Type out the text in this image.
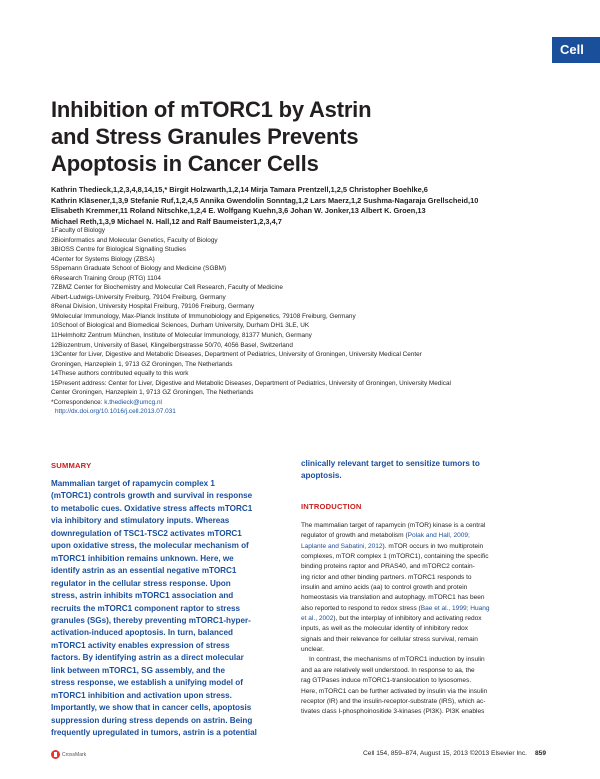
Cell
Inhibition of mTORC1 by Astrin
and Stress Granules Prevents
Apoptosis in Cancer Cells
Kathrin Thedieck,1,2,3,4,8,14,15,* Birgit Holzwarth,1,2,14 Mirja Tamara Prentzell,1,2,5 Christopher Boehlke,6
Kathrin Kläsener,1,3,9 Stefanie Ruf,1,2,4,5 Annika Gwendolin Sonntag,1,2 Lars Maerz,1,2 Sushma-Nagaraja Grellscheid,10
Elisabeth Kremmer,11 Roland Nitschke,1,2,4 E. Wolfgang Kuehn,3,6 Johan W. Jonker,13 Albert K. Groen,13
Michael Reth,1,3,9 Michael N. Hall,12 and Ralf Baumeister1,2,3,4,7
1Faculty of Biology
2Bioinformatics and Molecular Genetics, Faculty of Biology
3BIOSS Centre for Biological Signalling Studies
4Center for Systems Biology (ZBSA)
5Spemann Graduate School of Biology and Medicine (SGBM)
6Research Training Group (RTG) 1104
7ZBMZ Center for Biochemistry and Molecular Cell Research, Faculty of Medicine
Albert-Ludwigs-University Freiburg, 79104 Freiburg, Germany
8Renal Division, University Hospital Freiburg, 79106 Freiburg, Germany
9Molecular Immunology, Max-Planck Institute of Immunobiology and Epigenetics, 79108 Freiburg, Germany
10School of Biological and Biomedical Sciences, Durham University, Durham DH1 3LE, UK
11Helmholtz Zentrum München, Institute of Molecular Immunology, 81377 Munich, Germany
12Biozentrum, University of Basel, Klingelbergstrasse 50/70, 4056 Basel, Switzerland
13Center for Liver, Digestive and Metabolic Diseases, Department of Pediatrics, University of Groningen, University Medical Center
Groningen, Hanzeplein 1, 9713 GZ Groningen, The Netherlands
14These authors contributed equally to this work
15Present address: Center for Liver, Digestive and Metabolic Diseases, Department of Pediatrics, University of Groningen, University Medical
Center Groningen, Hanzeplein 1, 9713 GZ Groningen, The Netherlands
*Correspondence: k.thedieck@umcg.nl
http://dx.doi.org/10.1016/j.cell.2013.07.031
SUMMARY
Mammalian target of rapamycin complex 1
(mTORC1) controls growth and survival in response
to metabolic cues. Oxidative stress affects mTORC1
via inhibitory and stimulatory inputs. Whereas
downregulation of TSC1-TSC2 activates mTORC1
upon oxidative stress, the molecular mechanism of
mTORC1 inhibition remains unknown. Here, we
identify astrin as an essential negative mTORC1
regulator in the cellular stress response. Upon
stress, astrin inhibits mTORC1 association and
recruits the mTORC1 component raptor to stress
granules (SGs), thereby preventing mTORC1-hyper-
activation-induced apoptosis. In turn, balanced
mTORC1 activity enables expression of stress
factors. By identifying astrin as a direct molecular
link between mTORC1, SG assembly, and the
stress response, we establish a unifying model of
mTORC1 inhibition and activation upon stress.
Importantly, we show that in cancer cells, apoptosis
suppression during stress depends on astrin. Being
frequently upregulated in tumors, astrin is a potential
clinically relevant target to sensitize tumors to
apoptosis.
INTRODUCTION
The mammalian target of rapamycin (mTOR) kinase is a central
regulator of growth and metabolism (Polak and Hall, 2009;
Laplante and Sabatini, 2012). mTOR occurs in two multiprotein
complexes, mTOR complex 1 (mTORC1), containing the specific
binding proteins raptor and PRAS40, and mTORC2 contain-
ing rictor and other binding partners. mTORC1 responds to
insulin and amino acids (aa) to control growth and protein
homeostasis via translation and autophagy. mTORC1 has been
also reported to respond to redox stress (Bae et al., 1999; Huang
et al., 2002), but the interplay of inhibitory and activating redox
inputs, as well as the molecular identity of inhibitory redox
signals and their relevance for cellular stress survival, remain
unclear.
In contrast, the mechanisms of mTORC1 induction by insulin
and aa are relatively well understood. In response to aa, the
rag GTPases induce mTORC1-translocation to lysosomes.
Here, mTORC1 can be further activated by insulin via the insulin
receptor (IR) and the insulin-receptor-substrate (IRS), which ac-
tivates class I-phosphoinositide 3-kinases (PI3K). PI3K enables
CrossMark	Cell 154, 859–874, August 15, 2013 ©2013 Elsevier Inc. 859
